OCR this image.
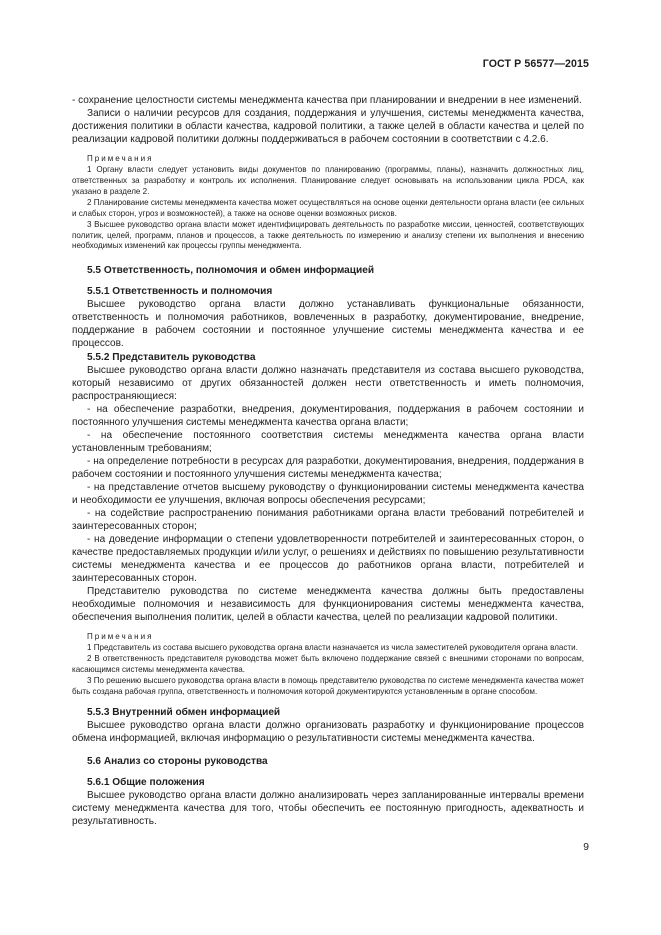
ГОСТ Р 56577—2015

- сохранение целостности системы менеджмента качества при планировании и внедрении в нее изменений.

Записи о наличии ресурсов для создания, поддержания и улучшения, системы менеджмента качества, достижения политики в области качества, кадровой политики, а также целей в области качества и целей по реализации кадровой политики должны поддерживаться в рабочем состоянии в соответствии с 4.2.6.

Примечания

1 Органу власти следует установить виды документов по планированию (программы, планы), назначить должностных лиц, ответственных за разработку и контроль их исполнения. Планирование следует основывать на использовании цикла PDCA, как указано в разделе 2.

2 Планирование системы менеджмента качества может осуществляться на основе оценки деятельности органа власти (ее сильных и слабых сторон, угроз и возможностей), а также на основе оценки возможных рисков.

3 Высшее руководство органа власти может идентифицировать деятельность по разработке миссии, ценностей, соответствующих политик, целей, программ, планов и процессов, а также деятельность по измерению и анализу степени их выполнения и внесению необходимых изменений как процессы группы менеджмента.

5.5 Ответственность, полномочия и обмен информацией
5.5.1 Ответственность и полномочия

Высшее руководство органа власти должно устанавливать функциональные обязанности, ответственность и полномочия работников, вовлеченных в разработку, документирование, внедрение, поддержание в рабочем состоянии и постоянное улучшение системы менеджмента качества и ее процессов.

5.5.2 Представитель руководства

Высшее руководство органа власти должно назначать представителя из состава высшего руководства, который независимо от других обязанностей должен нести ответственность и иметь полномочия, распространяющиеся:

- на обеспечение разработки, внедрения, документирования, поддержания в рабочем состоянии и постоянного улучшения системы менеджмента качества органа власти;

- на обеспечение постоянного соответствия системы менеджмента качества органа власти установленным требованиям;

- на определение потребности в ресурсах для разработки, документирования, внедрения, поддержания в рабочем состоянии и постоянного улучшения системы менеджмента качества;

- на представление отчетов высшему руководству о функционировании системы менеджмента качества и необходимости ее улучшения, включая вопросы обеспечения ресурсами;

- на содействие распространению понимания работниками органа власти требований потребителей и заинтересованных сторон;

- на доведение информации о степени удовлетворенности потребителей и заинтересованных сторон, о качестве предоставляемых продукции и/или услуг, о решениях и действиях по повышению результативности системы менеджмента качества и ее процессов до работников органа власти, потребителей и заинтересованных сторон.

Представителю руководства по системе менеджмента качества должны быть предоставлены необходимые полномочия и независимость для функционирования системы менеджмента качества, обеспечения выполнения политик, целей в области качества, целей по реализации кадровой политики.

Примечания

1 Представитель из состава высшего руководства органа власти назначается из числа заместителей руководителя органа власти.

2 В ответственность представителя руководства может быть включено поддержание связей с внешними сторонами по вопросам, касающимся системы менеджмента качества.

3 По решению высшего руководства органа власти в помощь представителю руководства по системе менеджмента качества может быть создана рабочая группа, ответственность и полномочия которой документируются установленным в органе способом.

5.5.3 Внутренний обмен информацией

Высшее руководство органа власти должно организовать разработку и функционирование процессов обмена информацией, включая информацию о результативности системы менеджмента качества.

5.6 Анализ со стороны руководства
5.6.1 Общие положения

Высшее руководство органа власти должно анализировать через запланированные интервалы времени систему менеджмента качества для того, чтобы обеспечить ее постоянную пригодность, адекватность и результативность.

9
